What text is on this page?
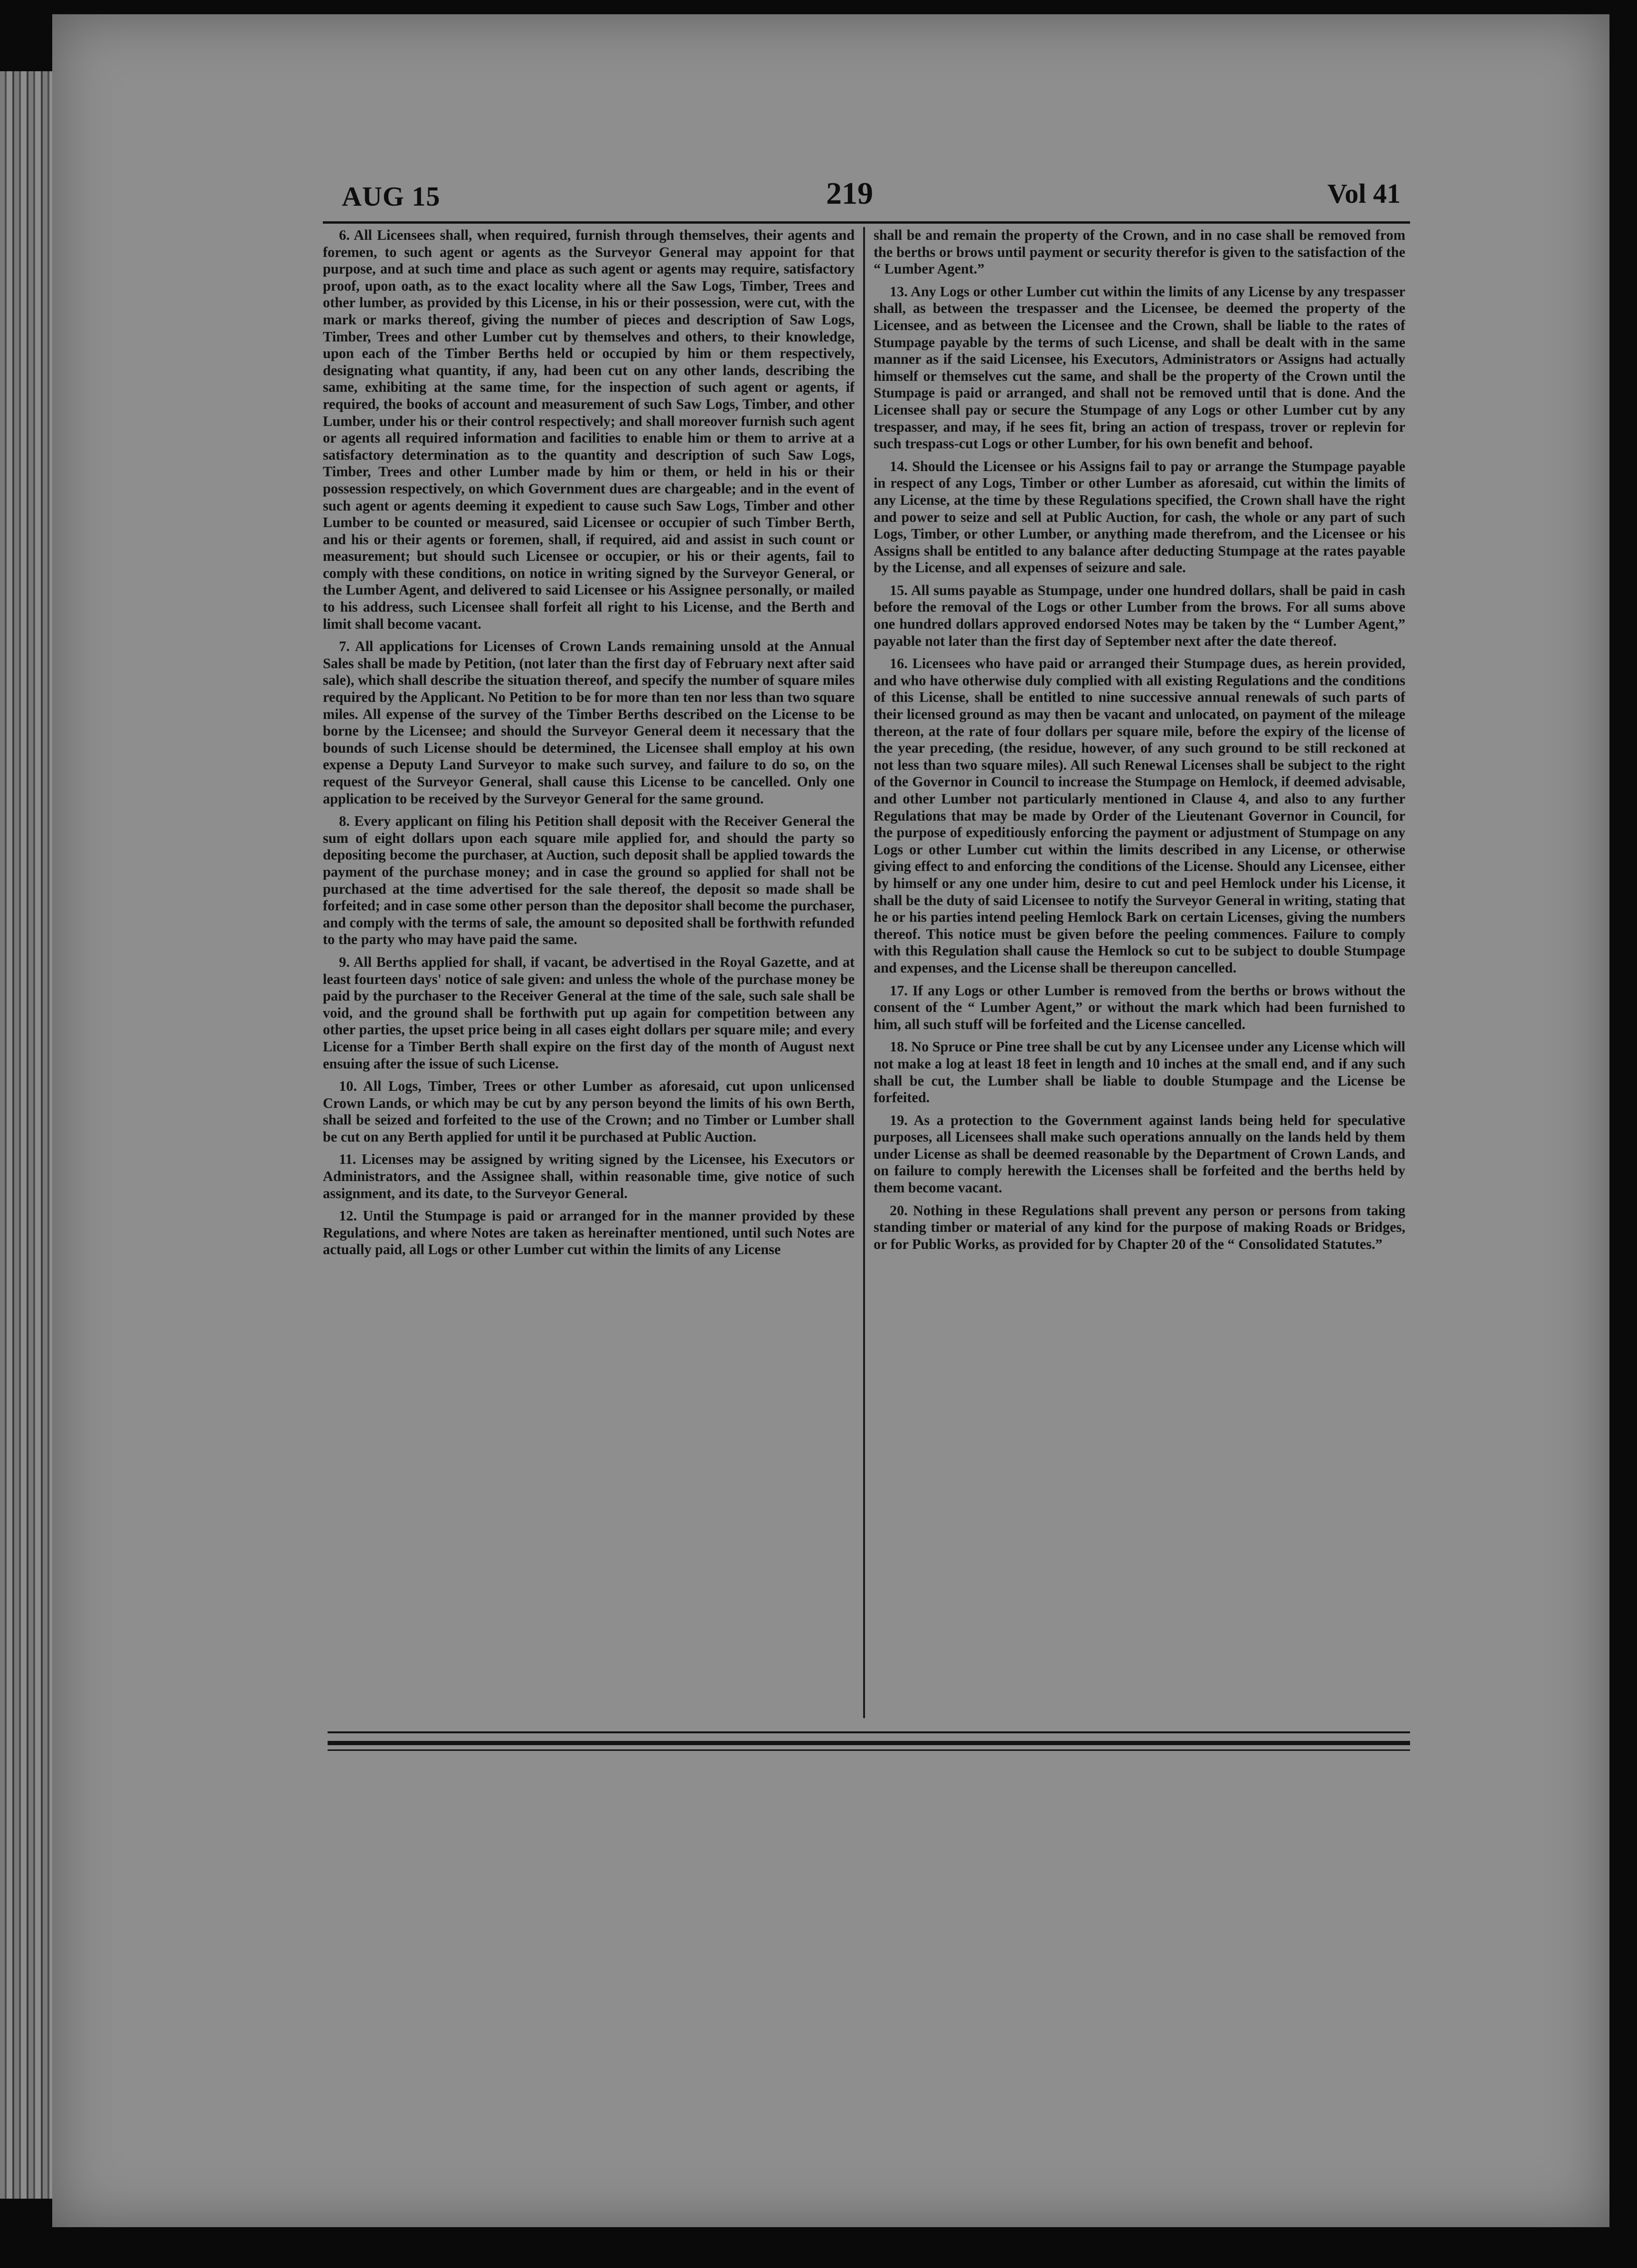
AUG 15	219	Vol 41

6. All Licensees shall, when required, furnish through themselves, their agents and foremen, to such agent or agents as the Surveyor General may appoint for that purpose, and at such time and place as such agent or agents may require, satisfactory proof, upon oath, as to the exact locality where all the Saw Logs, Timber, Trees and other lumber, as provided by this License, in his or their possession, were cut, with the mark or marks thereof, giving the number of pieces and description of Saw Logs, Timber, Trees and other Lumber cut by themselves and others, to their knowledge, upon each of the Timber Berths held or occupied by him or them respectively, designating what quantity, if any, had been cut on any other lands, describing the same, exhibiting at the same time, for the inspection of such agent or agents, if required, the books of account and measurement of such Saw Logs, Timber, and other Lumber, under his or their control respectively; and shall moreover furnish such agent or agents all required information and facilities to enable him or them to arrive at a satisfactory determination as to the quantity and description of such Saw Logs, Timber, Trees and other Lumber made by him or them, or held in his or their possession respectively, on which Government dues are chargeable; and in the event of such agent or agents deeming it expedient to cause such Saw Logs, Timber and other Lumber to be counted or measured, said Licensee or occupier of such Timber Berth, and his or their agents or foremen, shall, if required, aid and assist in such count or measurement; but should such Licensee or occupier, or his or their agents, fail to comply with these conditions, on notice in writing signed by the Surveyor General, or the Lumber Agent, and delivered to said Licensee or his Assignee personally, or mailed to his address, such Licensee shall forfeit all right to his License, and the Berth and limit shall become vacant.

7. All applications for Licenses of Crown Lands remaining unsold at the Annual Sales shall be made by Petition, (not later than the first day of February next after said sale), which shall describe the situation thereof, and specify the number of square miles required by the Applicant. No Petition to be for more than ten nor less than two square miles. All expense of the survey of the Timber Berths described on the License to be borne by the Licensee; and should the Surveyor General deem it necessary that the bounds of such License should be determined, the Licensee shall employ at his own expense a Deputy Land Surveyor to make such survey, and failure to do so, on the request of the Surveyor General, shall cause this License to be cancelled. Only one application to be received by the Surveyor General for the same ground.

8. Every applicant on filing his Petition shall deposit with the Receiver General the sum of eight dollars upon each square mile applied for, and should the party so depositing become the purchaser, at Auction, such deposit shall be applied towards the payment of the purchase money; and in case the ground so applied for shall not be purchased at the time advertised for the sale thereof, the deposit so made shall be forfeited; and in case some other person than the depositor shall become the purchaser, and comply with the terms of sale, the amount so deposited shall be forthwith refunded to the party who may have paid the same.

9. All Berths applied for shall, if vacant, be advertised in the Royal Gazette, and at least fourteen days' notice of sale given: and unless the whole of the purchase money be paid by the purchaser to the Receiver General at the time of the sale, such sale shall be void, and the ground shall be forthwith put up again for competition between any other parties, the upset price being in all cases eight dollars per square mile; and every License for a Timber Berth shall expire on the first day of the month of August next ensuing after the issue of such License.

10. All Logs, Timber, Trees or other Lumber as aforesaid, cut upon unlicensed Crown Lands, or which may be cut by any person beyond the limits of his own Berth, shall be seized and forfeited to the use of the Crown; and no Timber or Lumber shall be cut on any Berth applied for until it be purchased at Public Auction.

11. Licenses may be assigned by writing signed by the Licensee, his Executors or Administrators, and the Assignee shall, within reasonable time, give notice of such assignment, and its date, to the Surveyor General.

12. Until the Stumpage is paid or arranged for in the manner provided by these Regulations, and where Notes are taken as hereinafter mentioned, until such Notes are actually paid, all Logs or other Lumber cut within the limits of any License

shall be and remain the property of the Crown, and in no case shall be removed from the berths or brows until payment or security therefor is given to the satisfaction of the “ Lumber Agent.”

13. Any Logs or other Lumber cut within the limits of any License by any trespasser shall, as between the trespasser and the Licensee, be deemed the property of the Licensee, and as between the Licensee and the Crown, shall be liable to the rates of Stumpage payable by the terms of such License, and shall be dealt with in the same manner as if the said Licensee, his Executors, Administrators or Assigns had actually himself or themselves cut the same, and shall be the property of the Crown until the Stumpage is paid or arranged, and shall not be removed until that is done. And the Licensee shall pay or secure the Stumpage of any Logs or other Lumber cut by any trespasser, and may, if he sees fit, bring an action of trespass, trover or replevin for such trespass-cut Logs or other Lumber, for his own benefit and behoof.

14. Should the Licensee or his Assigns fail to pay or arrange the Stumpage payable in respect of any Logs, Timber or other Lumber as aforesaid, cut within the limits of any License, at the time by these Regulations specified, the Crown shall have the right and power to seize and sell at Public Auction, for cash, the whole or any part of such Logs, Timber, or other Lumber, or anything made therefrom, and the Licensee or his Assigns shall be entitled to any balance after deducting Stumpage at the rates payable by the License, and all expenses of seizure and sale.

15. All sums payable as Stumpage, under one hundred dollars, shall be paid in cash before the removal of the Logs or other Lumber from the brows. For all sums above one hundred dollars approved endorsed Notes may be taken by the “ Lumber Agent,” payable not later than the first day of September next after the date thereof.

16. Licensees who have paid or arranged their Stumpage dues, as herein provided, and who have otherwise duly complied with all existing Regulations and the conditions of this License, shall be entitled to nine successive annual renewals of such parts of their licensed ground as may then be vacant and unlocated, on payment of the mileage thereon, at the rate of four dollars per square mile, before the expiry of the license of the year preceding, (the residue, however, of any such ground to be still reckoned at not less than two square miles). All such Renewal Licenses shall be subject to the right of the Governor in Council to increase the Stumpage on Hemlock, if deemed advisable, and other Lumber not particularly mentioned in Clause 4, and also to any further Regulations that may be made by Order of the Lieutenant Governor in Council, for the purpose of expeditiously enforcing the payment or adjustment of Stumpage on any Logs or other Lumber cut within the limits described in any License, or otherwise giving effect to and enforcing the conditions of the License. Should any Licensee, either by himself or any one under him, desire to cut and peel Hemlock under his License, it shall be the duty of said Licensee to notify the Surveyor General in writing, stating that he or his parties intend peeling Hemlock Bark on certain Licenses, giving the numbers thereof. This notice must be given before the peeling commences. Failure to comply with this Regulation shall cause the Hemlock so cut to be subject to double Stumpage and expenses, and the License shall be thereupon cancelled.

17. If any Logs or other Lumber is removed from the berths or brows without the consent of the “ Lumber Agent,” or without the mark which had been furnished to him, all such stuff will be forfeited and the License cancelled.

18. No Spruce or Pine tree shall be cut by any Licensee under any License which will not make a log at least 18 feet in length and 10 inches at the small end, and if any such shall be cut, the Lumber shall be liable to double Stumpage and the License be forfeited.

19. As a protection to the Government against lands being held for speculative purposes, all Licensees shall make such operations annually on the lands held by them under License as shall be deemed reasonable by the Department of Crown Lands, and on failure to comply herewith the Licenses shall be forfeited and the berths held by them become vacant.

20. Nothing in these Regulations shall prevent any person or persons from taking standing timber or material of any kind for the purpose of making Roads or Bridges, or for Public Works, as provided for by Chapter 20 of the “ Consolidated Statutes.”
